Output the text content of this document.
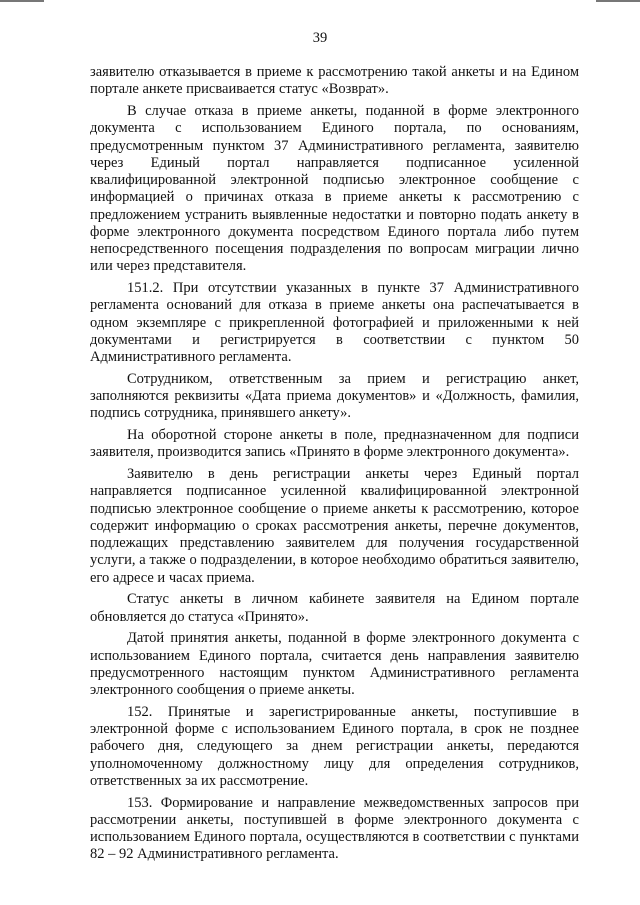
39

заявителю отказывается в приеме к рассмотрению такой анкеты и на Едином портале анкете присваивается статус «Возврат».

В случае отказа в приеме анкеты, поданной в форме электронного документа с использованием Единого портала, по основаниям, предусмотренным пунктом 37 Административного регламента, заявителю через Единый портал направляется подписанное усиленной квалифицированной электронной подписью электронное сообщение с информацией о причинах отказа в приеме анкеты к рассмотрению с предложением устранить выявленные недостатки и повторно подать анкету в форме электронного документа посредством Единого портала либо путем непосредственного посещения подразделения по вопросам миграции лично или через представителя.

151.2. При отсутствии указанных в пункте 37 Административного регламента оснований для отказа в приеме анкеты она распечатывается в одном экземпляре с прикрепленной фотографией и приложенными к ней документами и регистрируется в соответствии с пунктом 50 Административного регламента.

Сотрудником, ответственным за прием и регистрацию анкет, заполняются реквизиты «Дата приема документов» и «Должность, фамилия, подпись сотрудника, принявшего анкету».

На оборотной стороне анкеты в поле, предназначенном для подписи заявителя, производится запись «Принято в форме электронного документа».

Заявителю в день регистрации анкеты через Единый портал направляется подписанное усиленной квалифицированной электронной подписью электронное сообщение о приеме анкеты к рассмотрению, которое содержит информацию о сроках рассмотрения анкеты, перечне документов, подлежащих представлению заявителем для получения государственной услуги, а также о подразделении, в которое необходимо обратиться заявителю, его адресе и часах приема.

Статус анкеты в личном кабинете заявителя на Едином портале обновляется до статуса «Принято».

Датой принятия анкеты, поданной в форме электронного документа с использованием Единого портала, считается день направления заявителю предусмотренного настоящим пунктом Административного регламента электронного сообщения о приеме анкеты.

152. Принятые и зарегистрированные анкеты, поступившие в электронной форме с использованием Единого портала, в срок не позднее рабочего дня, следующего за днем регистрации анкеты, передаются уполномоченному должностному лицу для определения сотрудников, ответственных за их рассмотрение.

153. Формирование и направление межведомственных запросов при рассмотрении анкеты, поступившей в форме электронного документа с использованием Единого портала, осуществляются в соответствии с пунктами 82 – 92 Административного регламента.
